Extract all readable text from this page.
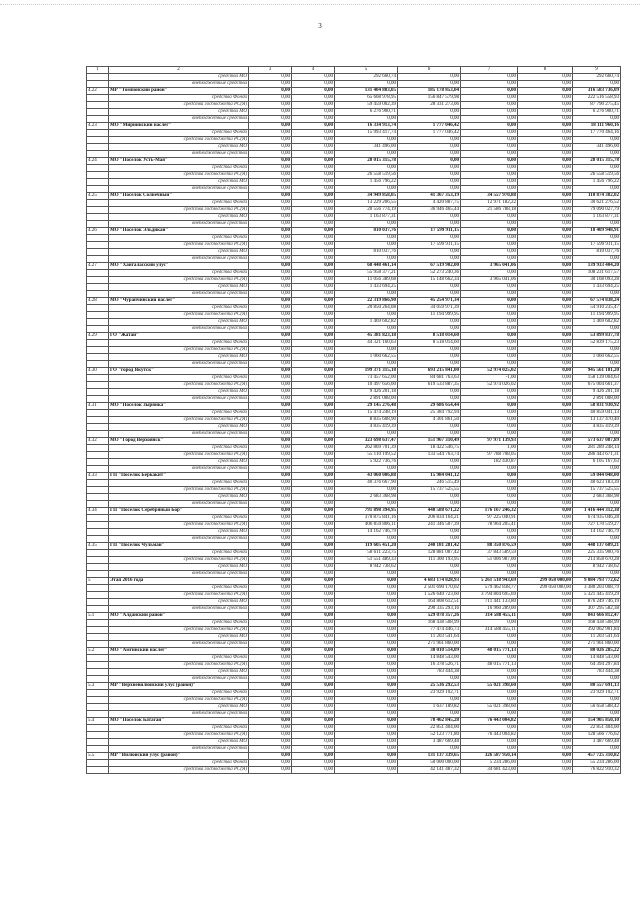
3
1	2	3	4	5	6	7	8	9
	средства МО	0,00	0,00	292 660,74	0,00	0,00	0,00	292 660,74
	внебюджетные средства	0,00	0,00	0,00	0,00	0,00	0,00	0,00
4.22	МР "Томпонский район"	0,00	0,00	131 404 883,05	185 178 853,04	0,00	0,00	316 583 736,09
	средства Фонда	0,00	0,00	65 668 978,95	156 847 579,98	0,00	0,00	222 516 558,93
	средства госбюджета РС(Я)	0,00	0,00	59 459 002,39	28 331 273,06	0,00	0,00	87 790 275,45
	средства МО	0,00	0,00	6 276 900,71	0,00	0,00	0,00	6 276 900,71
	внебюджетные средства	0,00	0,00	0,00	0,00	0,00	0,00	0,00
4.23	МО "Мирнинский наслег"	0,00	0,00	16 334 913,74	1 777 046,42	0,00	0,00	18 111 960,16
	средства Фонда	0,00	0,00	15 993 417,74	1 777 046,42	0,00	0,00	17 770 464,16
	средства госбюджета РС(Я)	0,00	0,00	0,00	0,00	0,00	0,00	0,00
	средства МО	0,00	0,00	341 496,00	0,00	0,00	0,00	341 496,00
	внебюджетные средства	0,00	0,00	0,00	0,00	0,00	0,00	0,00
4.24	МО "Поселок Усть-Мая"	0,00	0,00	28 015 315,78	0,00	0,00	0,00	28 015 315,78
	средства Фонда	0,00	0,00	0,00	0,00	0,00	0,00	0,00
	средства госбюджета РС(Я)	0,00	0,00	26 558 519,56	0,00	0,00	0,00	26 558 519,56
	средства МО	0,00	0,00	1 456 796,22	0,00	0,00	0,00	1 456 796,22
	внебюджетные средства	0,00	0,00	0,00	0,00	0,00	0,00	0,00
4.25	МО "Поселок Солнечный"	0,00	0,00	34 949 858,05	41 367 353,19	34 557 970,88	0,00	110 874 382,02
	средства Фонда	0,00	0,00	13 229 206,55	4 420 887,75	12 971 182,22	0,00	30 621 276,52
	средства госбюджета РС(Я)	0,00	0,00	20 556 774,19	36 946 465,44	21 586 788,18	0,00	79 090 027,79
	средства МО	0,00	0,00	1 163 877,31	0,00	0,00	0,00	1 163 877,31
	внебюджетные средства	0,00	0,00	0,00	0,00	0,00	0,00	0,00
4.26	МО "Поселок Эльдикан"	0,00	0,00	810 037,76	17 599 911,15	0,00	0,00	18 409 948,91
	средства Фонда	0,00	0,00	0,00	0,00	0,00	0,00	0,00
	средства госбюджета РС(Я)	0,00	0,00	0,00	17 599 911,15	0,00	0,00	17 599 911,15
	средства МО	0,00	0,00	810 037,76	0,00	0,00	0,00	810 037,76
	внебюджетные средства	0,00	0,00	0,00	0,00	0,00	0,00	0,00
4.27	МО "Хангаласский улус"	0,00	0,00	68 448 461,14	67 519 902,00	3 965 041,06	0,00	139 933 404,20
	средства Фонда	0,00	0,00	55 958 377,21	52 273 240,36	0,00	0,00	108 231 617,57
	средства госбюджета РС(Я)	0,00	0,00	11 056 389,68	15 148 662,34	3 965 041,06	0,00	30 168 093,28
	средства МО	0,00	0,00	1 433 694,25	0,00	0,00	0,00	1 433 694,25
	внебюджетные средства	0,00	0,00	0,00	0,00	0,00	0,00	0,00
4.28	МО "Чурапчинский наслег"	0,00	0,00	22 319 866,90	45 254 971,34	0,00	0,00	67 574 838,24
	средства Фонда	0,00	0,00	20 850 264,08	34 059 971,39	0,00	0,00	54 910 235,47
	средства госбюджета РС(Я)	0,00	0,00	0,00	11 194 999,95	0,00	0,00	11 194 999,95
	средства МО	0,00	0,00	1 469 602,82	0,00	0,00	0,00	1 469 602,82
	внебюджетные средства	0,00	0,00	0,00	0,00	0,00	0,00	0,00
4.29	ГО "Жатай"	0,00	0,00	45 381 823,18	8 518 014,60	0,00	0,00	53 899 837,78
	средства Фонда	0,00	0,00	44 321 160,63	8 518 014,60	0,00	0,00	52 839 175,23
	средства госбюджета РС(Я)	0,00	0,00	0,00	0,00	0,00	0,00	0,00
	средства МО	0,00	0,00	1 060 662,55	0,00	0,00	0,00	1 060 662,55
	внебюджетные средства	0,00	0,00	0,00	0,00	0,00	0,00	0,00
4.30	ГО "город Якутск"	0,00	0,00	199 371 315,18	693 215 841,00	52 974 025,02	0,00	945 561 181,20
	средства Фонда	0,00	0,00	73 457 652,00	84 681 763,63	-1,00	0,00	158 139 004,63
	средства госбюджета РС(Я)	0,00	0,00	10 497 656,00	619 533 887,35	52 974 026,02	0,00	675 004 661,37
	средства МО	0,00	0,00	9 426 201,18	0,00	0,00	0,00	9 426 201,18
	внебюджетные средства	0,00	0,00	2 891 008,00	0,00	0,00	0,00	2 891 008,00
4.31	МО "Поселок Зырянка"	0,00	0,00	29 145 276,48	29 686 654,44	0,00	0,00	58 831 930,92
	средства Фонда	0,00	0,00	15 474 248,19	25 384 792,94	0,00	0,00	40 859 041,13
	средства госбюджета РС(Я)	0,00	0,00	8 835 608,90	4 301 861,50	0,00	0,00	13 137 470,40
	средства МО	0,00	0,00	4 835 419,39	0,00	0,00	0,00	4 835 419,39
	внебюджетные средства	0,00	0,00	0,00	0,00	0,00	0,00	0,00
4.32	МО "Город Верхоянск"	0,00	0,00	323 698 637,47	151 967 310,49	97 971 139,93	0,00	573 637 087,89
	средства Фонда	0,00	0,00	262 869 701,39	18 422 546,75	1,00	0,00	281 289 248,14
	средства госбюджета РС(Я)	0,00	0,00	55 110 199,52	133 544 763,74	97 788 708,05	0,00	286 443 671,31
	средства МО	0,00	0,00	5 922 736,76	0,00	182 430,87	0,00	6 105 167,63
	внебюджетные средства	0,00	0,00	0,00	0,00	0,00	0,00	0,00
4.33	ГП "Поселок Беркакит"	0,00	0,00	43 060 006,88	15 984 041,12	0,00	0,00	59 044 048,00
	средства Фонда	0,00	0,00	40 376 667,90	246 515,49	0,00	0,00	40 623 183,39
	средства госбюджета РС(Я)	0,00	0,00	0,00	15 737 525,55	0,00	0,00	15 737 525,55
	средства МО	0,00	0,00	2 683 368,98	0,00	0,00	0,00	2 683 368,98
	внебюджетные средства	0,00	0,00	0,00	0,00	0,00	0,00	0,00
4.34	ГП "Поселок Серебряный Бор"	0,00	0,00	791 898 394,95	448 588 671,22	176 167 246,32	0,00	1 416 444 312,38
	средства Фонда	0,00	0,00	370 875 841,16	206 834 164,21	97 225 040,91	0,00	674 935 046,28
	средства госбюджета РС(Я)	0,00	0,00	406 859 806,11	241 346 507,39	78 964 205,41	0,00	727 170 519,27
	средства МО	0,00	0,00	14 162 746,79	0,00	0,00	0,00	14 162 746,79
	внебюджетные средства	0,00	0,00	0,00	0,00	0,00	0,00	0,00
4.35	ГП "Поселок Чульман"	0,00	0,00	119 605 451,20	240 181 281,42	88 350 876,59	0,00	448 137 609,21
	средства Фонда	0,00	0,00	58 611 223,75	128 881 087,42	37 843 589,59	0,00	225 335 900,76
	средства госбюджета РС(Я)	0,00	0,00	51 551 489,33	111 300 193,95	51 006 987,00	0,00	213 858 670,28
	средства МО	0,00	0,00	8 942 738,62	0,00	0,00	0,00	8 942 738,62
	внебюджетные средства	0,00	0,00	0,00	0,00	0,00	0,00	0,00
5	Этап 2016 года	0,00	0,00	0,00	4 683 174 828,93	5 261 518 943,69	299 058 000,00	9 884 793 772,62
	средства Фонда	0,00	0,00	0,00	2 501 690 170,02	579 462 838,77	299 050 000,00	3 380 203 008,79
	средства госбюджета РС(Я)	0,00	0,00	0,00	1 526 640 723,60	3 794 804 695,69	0,00	5 321 445 419,29
	средства МО	0,00	0,00	0,00	164 808 612,51	711 441 133,80	0,00	876 249 746,19
	внебюджетные средства	0,00	0,00	0,00	290 335 293,16	16 960 289,00	0,00	307 295 582,38
5.1	МО "Алданский район"	0,00	0,00	0,00	529 078 357,26	314 588 455,11	0,00	843 666 812,47
	средства Фонда	0,00	0,00	0,00	168 438 508,99	0,00	0,00	168 438 508,99
	средства госбюджета РС(Я)	0,00	0,00	0,00	77 474 446,73	314 588 455,11	0,00	392 062 901,84
	средства МО	0,00	0,00	0,00	11 203 541,64	0,00	0,00	11 203 541,64
	внебюджетные средства	0,00	0,00	0,00	271 961 860,00	0,00	0,00	271 961 860,00
5.2	МО "Амгинский наслег"	0,00	0,00	0,00	30 010 514,09	48 015 771,13	0,00	80 026 285,22
	средства Фонда	0,00	0,00	0,00	14 848 543,00	0,00	0,00	14 848 543,00
	средства госбюджета РС(Я)	0,00	0,00	0,00	16 378 526,71	48 015 771,13	0,00	64 394 297,84
	средства МО	0,00	0,00	0,00	783 444,38	0,00	0,00	783 444,38
	внебюджетные средства	0,00	0,00	0,00	0,00	0,00	0,00	0,00
5.3	МР "Верхневилюйский улус (район)"	0,00	0,00	0,00	25 536 292,53	55 021 398,60	0,00	80 557 691,13
	средства Фонда	0,00	0,00	0,00	23 929 102,71	0,00	0,00	23 929 102,71
	средства госбюджета РС(Я)	0,00	0,00	0,00	0,00	0,00	0,00	0,00
	средства МО	0,00	0,00	0,00	1 637 189,82	55 021 398,60	0,00	56 658 588,42
	внебюджетные средства	0,00	0,00	0,00	0,00	0,00	0,00	0,00
5.4	МО "Поселок Батагай"	0,00	0,00	0,00	78 462 845,28	76 443 004,82	0,00	154 905 850,10
	средства Фонда	0,00	0,00	0,00	22 851 404,00	0,00	0,00	22 851 404,00
	средства госбюджета РС(Я)	0,00	0,00	0,00	52 123 771,80	76 443 004,82	0,00	128 566 776,62
	средства МО	0,00	0,00	0,00	3 487 669,48	0,00	0,00	3 487 669,48
	внебюджетные средства	0,00	0,00	0,00	0,00	0,00	0,00	0,00
5.5	МР "Вилюйский улус (район)"	0,00	0,00	0,00	131 137 339,65	326 587 950,14	0,00	457 725 310,82
	средства Фонда	0,00	0,00	0,00	50 000 000,00	5 234 286,00	0,00	55 234 286,00
	средства госбюджета РС(Я)	0,00	0,00	0,00	42 141 487,32	34 681 423,00	0,00	76 822 910,32
